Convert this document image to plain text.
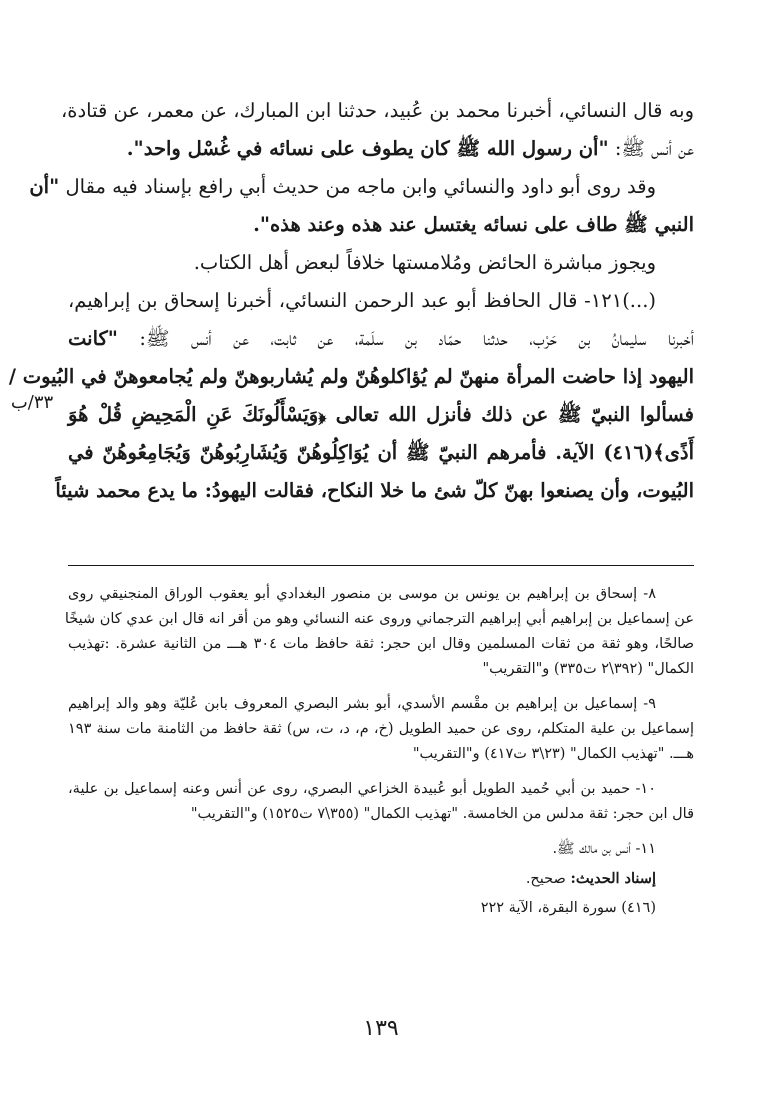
وبه قال النسائي، أخبرنا محمد بن عُبيد، حدثنا ابن المبارك، عن معمر، عن قتادة،
عن أنس ﷺ: "أن رسول الله ﷺ كان يطوف على نسائه في غُسْل واحد".
وقد روى أبو داود والنسائي وابن ماجه من حديث أبي رافع بإسناد فيه مقال "أن
النبي ﷺ طاف على نسائه يغتسل عند هذه وعند هذه".
ويجوز مباشرة الحائض ومُلامستها خلافاً لبعض أهل الكتاب.
(...)١٢١- قال الحافظ أبو عبد الرحمن النسائي، أخبرنا إسحاق بن إبراهيم،
أخبرنا سليمانُ بن حَرْب، حدثنا حمّاد بن سلَمة، عن ثابت، عن أنس ﷺ: "كانت
اليهود إذا حاضت المرأة منهنّ لم يُؤاكلوهُنّ ولم يُشاربوهنّ ولم يُجامعوهنّ في البُيوت /
فسألوا النبيّ ﷺ عن ذلك فأنزل الله تعالى ﴿وَيَسْأَلُونَكَ عَنِ الْمَحِيضِ قُلْ هُوَ
أَذًى﴾(٤١٦) الآية. فأمرهم النبيّ ﷺ أن يُوَاكِلُوهُنّ وَيُشَارِبُوهُنّ وَيُجَامِعُوهُنّ في
البُيوت، وأن يصنعوا بهنّ كلّ شئ ما خلا النكاح، فقالت اليهودُ: ما يدع محمد شيئاً
٣٣/ب
٨- إسحاق بن إبراهيم بن يونس بن موسى بن منصور البغدادي أبو يعقوب الوراق المنجنيقي روى
عن إسماعيل بن إبراهيم أبي إبراهيم الترجماني وروى عنه النسائي وهو من أقر انه قال ابن عدي كان شيخًا
صالحًا، وهو ثقة من ثقات المسلمين وقال ابن حجر: ثقة حافظ مات ٣٠٤ هـــ من الثانية عشرة. :تهذيب
الكمال" (٣٩٢\٢ ت٣٣٥) و"التقريب"
٩- إسماعيل بن إبراهيم بن مقْسم الأسدي، أبو بشر البصري المعروف بابن عُليّة وهو والد إبراهيم
إسماعيل بن علية المتكلم، روى عن حميد الطويل (خ، م، د، ت، س) ثقة حافظ من الثامنة مات سنة ١٩٣
هـــ. "تهذيب الكمال" (٢٣\٣ ت٤١٧) و"التقريب"
١٠- حميد بن أبي حُميد الطويل أبو عُبيدة الخزاعي البصري، روى عن أنس وعنه إسماعيل بن علية،
قال ابن حجر: ثقة مدلس من الخامسة. "تهذيب الكمال" (٣٥٥\٧ ت١٥٢٥) و"التقريب"
١١- أنس بن مالك ﷺ.
إسناد الحديث: صحيح.
(٤١٦) سورة البقرة، الآية ٢٢٢
١٣٩
